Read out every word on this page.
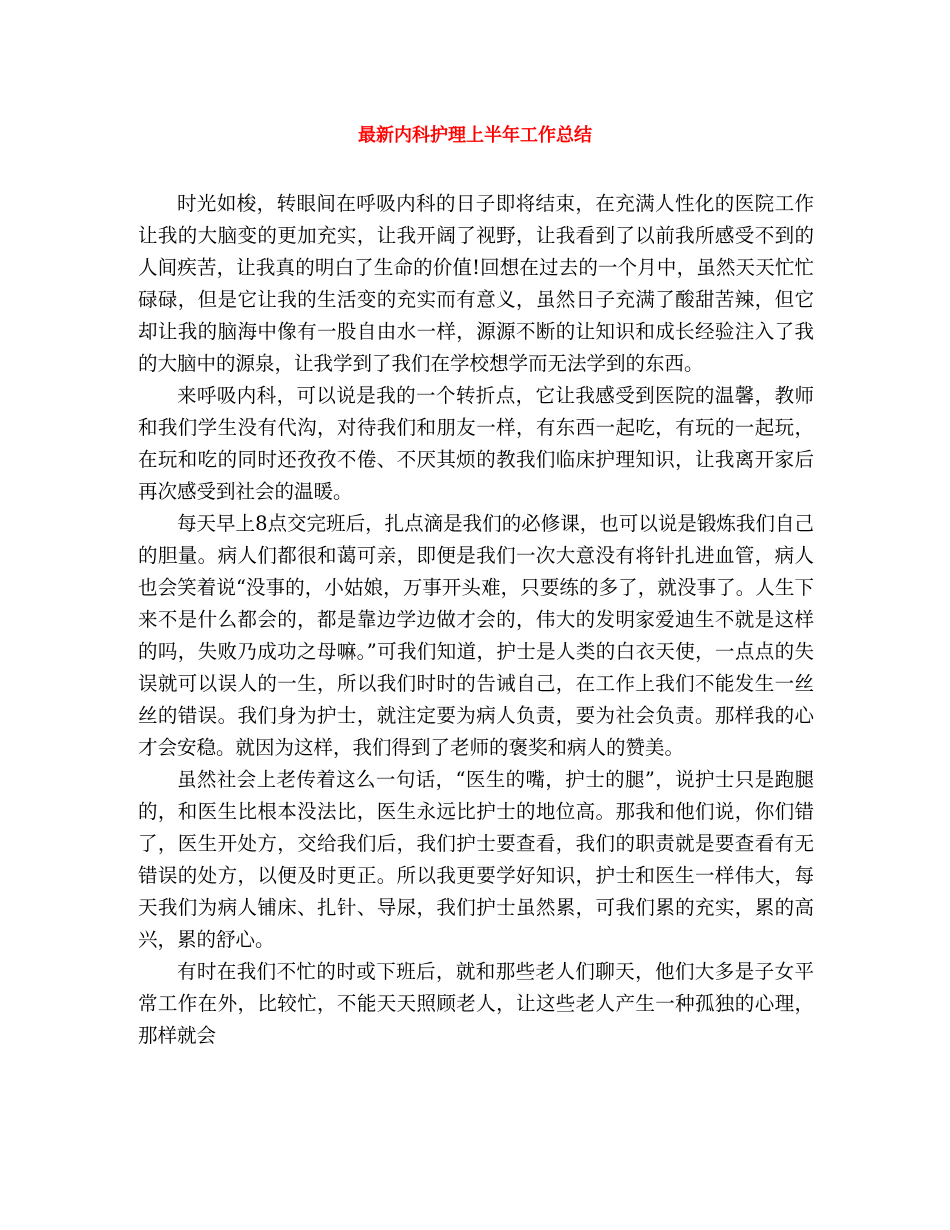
最新内科护理上半年工作总结

时光如梭，转眼间在呼吸内科的日子即将结束，在充满人性化的医院工作让我的大脑变的更加充实，让我开阔了视野，让我看到了以前我所感受不到的人间疾苦，让我真的明白了生命的价值!回想在过去的一个月中，虽然天天忙忙碌碌，但是它让我的生活变的充实而有意义，虽然日子充满了酸甜苦辣，但它却让我的脑海中像有一股自由水一样，源源不断的让知识和成长经验注入了我的大脑中的源泉，让我学到了我们在学校想学而无法学到的东西。

来呼吸内科，可以说是我的一个转折点，它让我感受到医院的温馨，教师和我们学生没有代沟，对待我们和朋友一样，有东西一起吃，有玩的一起玩，在玩和吃的同时还孜孜不倦、不厌其烦的教我们临床护理知识，让我离开家后再次感受到社会的温暖。

每天早上8点交完班后，扎点滴是我们的必修课，也可以说是锻炼我们自己的胆量。病人们都很和蔼可亲，即便是我们一次大意没有将针扎进血管，病人也会笑着说“没事的，小姑娘，万事开头难，只要练的多了，就没事了。人生下来不是什么都会的，都是靠边学边做才会的，伟大的发明家爱迪生不就是这样的吗，失败乃成功之母嘛。”可我们知道，护士是人类的白衣天使，一点点的失误就可以误人的一生，所以我们时时的告诫自己，在工作上我们不能发生一丝丝的错误。我们身为护士，就注定要为病人负责，要为社会负责。那样我的心才会安稳。就因为这样，我们得到了老师的褒奖和病人的赞美。

虽然社会上老传着这么一句话，“医生的嘴，护士的腿”，说护士只是跑腿的，和医生比根本没法比，医生永远比护士的地位高。那我和他们说，你们错了，医生开处方，交给我们后，我们护士要查看，我们的职责就是要查看有无错误的处方，以便及时更正。所以我更要学好知识，护士和医生一样伟大，每天我们为病人铺床、扎针、导尿，我们护士虽然累，可我们累的充实，累的高兴，累的舒心。

有时在我们不忙的时或下班后，就和那些老人们聊天，他们大多是子女平常工作在外，比较忙，不能天天照顾老人，让这些老人产生一种孤独的心理，那样就会
